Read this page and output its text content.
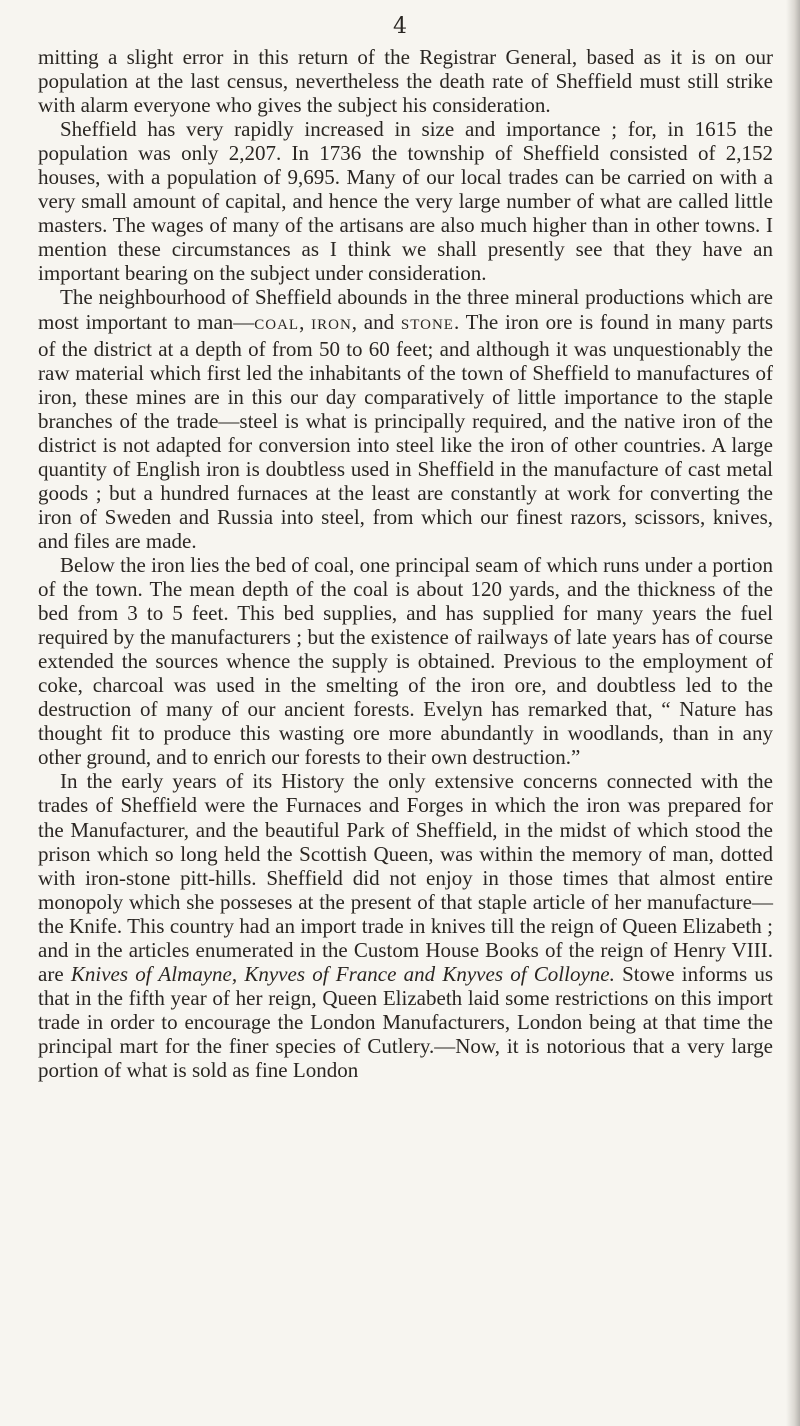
4

mitting a slight error in this return of the Registrar General, based as it is on our population at the last census, nevertheless the death rate of Sheffield must still strike with alarm everyone who gives the subject his consideration.

Sheffield has very rapidly increased in size and importance ; for, in 1615 the population was only 2,207. In 1736 the township of Sheffield consisted of 2,152 houses, with a population of 9,695. Many of our local trades can be carried on with a very small amount of capital, and hence the very large number of what are called little masters. The wages of many of the artisans are also much higher than in other towns. I mention these circumstances as I think we shall presently see that they have an important bearing on the subject under consideration.

The neighbourhood of Sheffield abounds in the three mineral productions which are most important to man—COAL, IRON, and STONE. The iron ore is found in many parts of the district at a depth of from 50 to 60 feet; and although it was unquestionably the raw material which first led the inhabitants of the town of Sheffield to manufactures of iron, these mines are in this our day comparatively of little importance to the staple branches of the trade—steel is what is principally required, and the native iron of the district is not adapted for conversion into steel like the iron of other countries. A large quantity of English iron is doubtless used in Sheffield in the manufacture of cast metal goods ; but a hundred furnaces at the least are constantly at work for converting the iron of Sweden and Russia into steel, from which our finest razors, scissors, knives, and files are made.

Below the iron lies the bed of coal, one principal seam of which runs under a portion of the town. The mean depth of the coal is about 120 yards, and the thickness of the bed from 3 to 5 feet. This bed supplies, and has supplied for many years the fuel required by the manufacturers ; but the existence of railways of late years has of course extended the sources whence the supply is obtained. Previous to the employment of coke, charcoal was used in the smelting of the iron ore, and doubtless led to the destruction of many of our ancient forests. Evelyn has remarked that, “ Nature has thought fit to produce this wasting ore more abundantly in woodlands, than in any other ground, and to enrich our forests to their own destruction.”

In the early years of its History the only extensive concerns connected with the trades of Sheffield were the Furnaces and Forges in which the iron was prepared for the Manufacturer, and the beautiful Park of Sheffield, in the midst of which stood the prison which so long held the Scottish Queen, was within the memory of man, dotted with iron-stone pitt-hills. Sheffield did not enjoy in those times that almost entire monopoly which she posseses at the present of that staple article of her manufacture—the Knife. This country had an import trade in knives till the reign of Queen Elizabeth ; and in the articles enumerated in the Custom House Books of the reign of Henry VIII. are Knives of Almayne, Knyves of France and Knyves of Colloyne. Stowe informs us that in the fifth year of her reign, Queen Elizabeth laid some restrictions on this import trade in order to encourage the London Manufacturers, London being at that time the principal mart for the finer species of Cutlery.—Now, it is notorious that a very large portion of what is sold as fine London
